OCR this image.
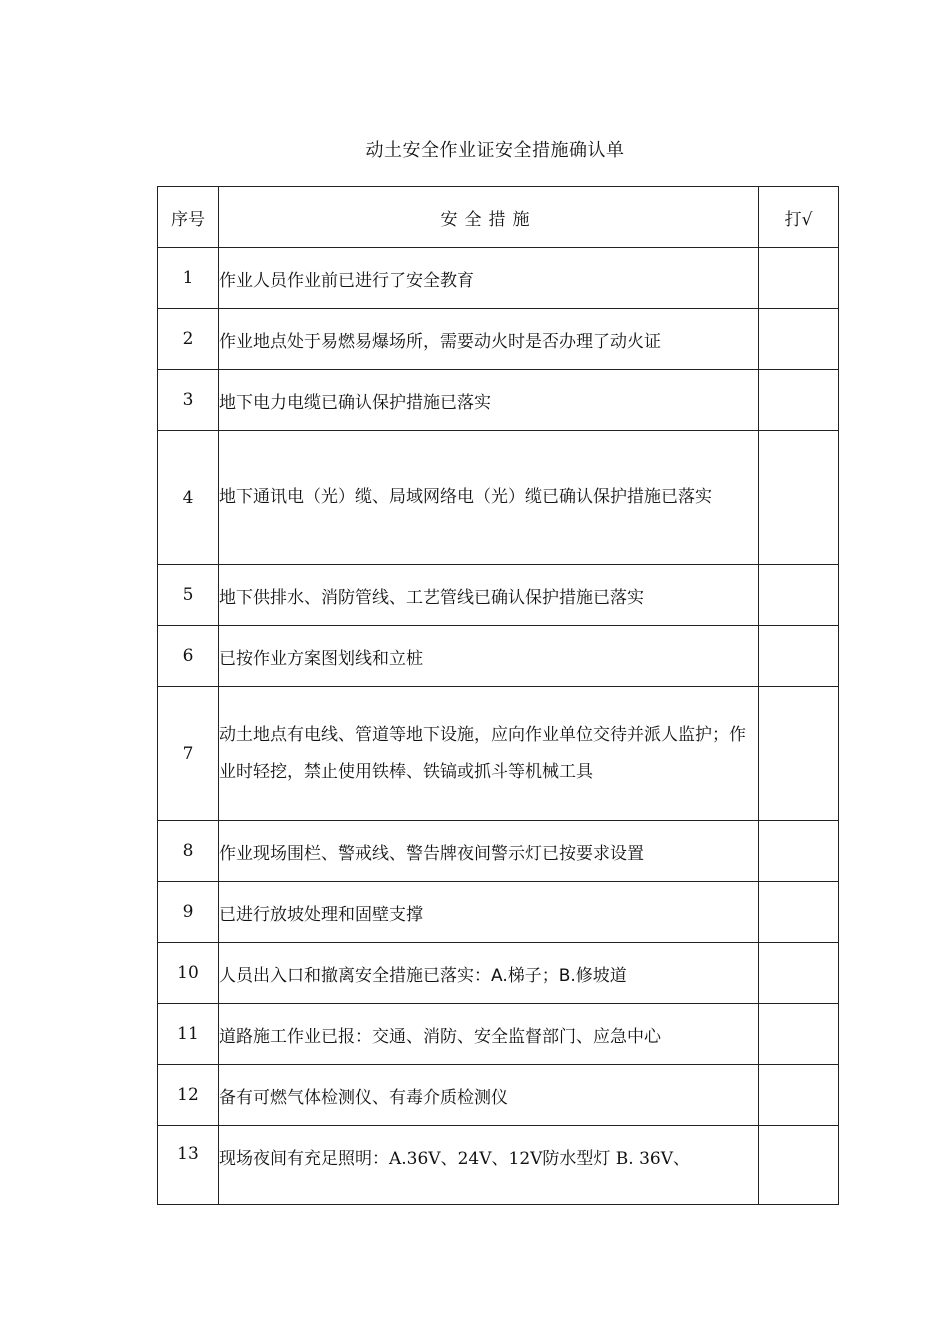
动土安全作业证安全措施确认单
序号	安全措施	打√
1	作业人员作业前已进行了安全教育	
2	作业地点处于易燃易爆场所，需要动火时是否办理了动火证	
3	地下电力电缆已确认保护措施已落实	
4	地下通讯电（光）缆、局域网络电（光）缆已确认保护措施已落实	

5	地下供排水、消防管线、工艺管线已确认保护措施已落实	
6	已按作业方案图划线和立桩	
7	动土地点有电线、管道等地下设施，应向作业单位交待并派人监护；作业时轻挖，禁止使用铁棒、铁镐或抓斗等机械工具	

8	作业现场围栏、警戒线、警告牌夜间警示灯已按要求设置	
9	已进行放坡处理和固壁支撑	
10	人员出入口和撤离安全措施已落实：A.梯子；B.修坡道	
11	道路施工作业已报：交通、消防、安全监督部门、应急中心	
12	备有可燃气体检测仪、有毒介质检测仪	
13	现场夜间有充足照明：A.36V、24V、12V防水型灯 B. 36V、	
